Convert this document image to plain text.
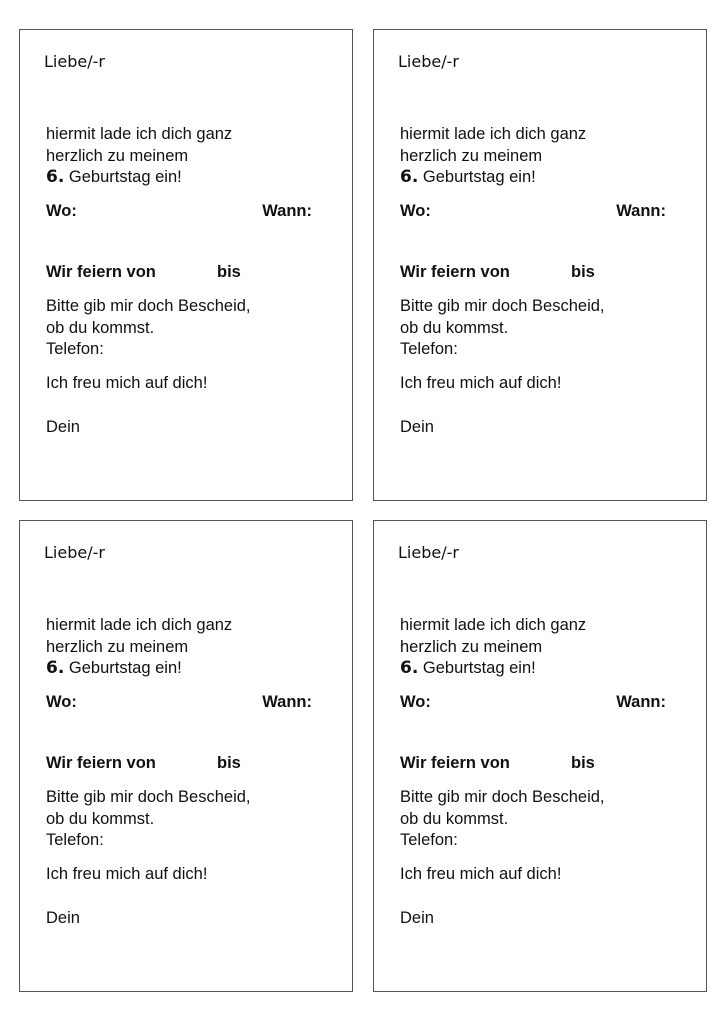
Liebe/-r
hiermit lade ich dich ganz
herzlich zu meinem
6. Geburtstag ein!
Wo:	Wann:
Wir feiern von	bis
Bitte gib mir doch Bescheid,
ob du kommst.
Telefon:
Ich freu mich auf dich!
Dein
Liebe/-r
hiermit lade ich dich ganz
herzlich zu meinem
6. Geburtstag ein!
Wo:	Wann:
Wir feiern von	bis
Bitte gib mir doch Bescheid,
ob du kommst.
Telefon:
Ich freu mich auf dich!
Dein
Liebe/-r
hiermit lade ich dich ganz
herzlich zu meinem
6. Geburtstag ein!
Wo:	Wann:
Wir feiern von	bis
Bitte gib mir doch Bescheid,
ob du kommst.
Telefon:
Ich freu mich auf dich!
Dein
Liebe/-r
hiermit lade ich dich ganz
herzlich zu meinem
6. Geburtstag ein!
Wo:	Wann:
Wir feiern von	bis
Bitte gib mir doch Bescheid,
ob du kommst.
Telefon:
Ich freu mich auf dich!
Dein
